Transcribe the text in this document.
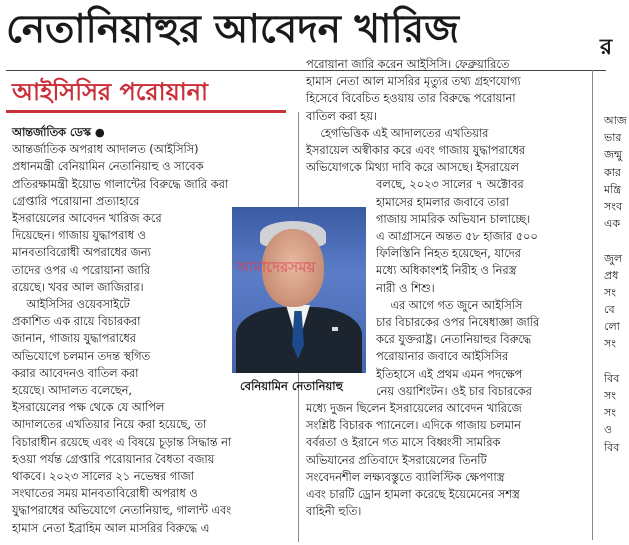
নেতানিয়াহুর আবেদন খারিজ	র
আইসিসির পরোয়ানা
আন্তর্জাতিক ডেস্ক ●
আন্তর্জাতিক অপরাধ আদালত (আইসিসি)
প্রধানমন্ত্রী বেনিয়ামিন নেতানিয়াহু ও সাবেক
প্রতিরক্ষামন্ত্রী ইয়োভ গালান্টের বিরুদ্ধে জারি করা
গ্রেপ্তারি পরোয়ানা প্রত্যাহারে
ইসরায়েলের আবেদন খারিজ করে
দিয়েছেন। গাজায় যুদ্ধাপরাধ ও
মানবতাবিরোধী অপরাধের জন্য
তাদের ওপর এ পরোয়ানা জারি
রয়েছে। খবর আল জাজিরার।
আইসিসির ওয়েবসাইটে
প্রকাশিত এক রায়ে বিচারকরা
জানান, গাজায় যুদ্ধাপরাধের
অভিযোগে চলমান তদন্ত স্থগিত
করার আবেদনও বাতিল করা
হয়েছে। আদালত বলেছেন,
ইসরায়েলের পক্ষ থেকে যে আপিল
আদালতের এখতিয়ার নিয়ে করা হয়েছে, তা
বিচারাধীন রয়েছে এবং এ বিষয়ে চূড়ান্ত সিদ্ধান্ত না
হওয়া পর্যন্ত গ্রেপ্তারি পরোয়ানার বৈধতা বজায়
থাকবে। ২০২৩ সালের ২১ নভেম্বর গাজা
সংঘাতের সময় মানবতাবিরোধী অপরাধ ও
যুদ্ধাপরাধের অভিযোগে নেতানিয়াহু, গালান্ট এবং
হামাস নেতা ইব্রাহিম আল মাসরির বিরুদ্ধে এ
পরোয়ানা জারি করেন আইসিসি। ফেব্রুয়ারিতে
হামাস নেতা আল মাসরির মৃত্যুর তথ্য গ্রহণযোগ্য
হিসেবে বিবেচিত হওয়ায় তার বিরুদ্ধে পরোয়ানা
বাতিল করা হয়।
হেগভিত্তিক এই আদালতের এখতিয়ার
ইসরায়েল অস্বীকার করে এবং গাজায় যুদ্ধাপরাধের
অভিযোগকে মিথ্যা দাবি করে আসছে। ইসরায়েল
বলছে, ২০২৩ সালের ৭ অক্টোবর
হামাসের হামলার জবাবে তারা
গাজায় সামরিক অভিযান চালাচ্ছে।
এ আগ্রাসনে অন্তত ৫৮ হাজার ৫০০
ফিলিস্তিনি নিহত হয়েছেন, যাদের
মধ্যে অধিকাংশই নিরীহ ও নিরস্ত্র
নারী ও শিশু।
এর আগে গত জুনে আইসিসি
চার বিচারকের ওপর নিষেধাজ্ঞা জারি
করে যুক্তরাষ্ট্র। নেতানিয়াহুর বিরুদ্ধে
পরোয়ানার জবাবে আইসিসির
ইতিহাসে এই প্রথম এমন পদক্ষেপ
নেয় ওয়াশিংটন। ওই চার বিচারকের
মধ্যে দুজন ছিলেন ইসরায়েলের আবেদন খারিজে
সংশ্লিষ্ট বিচারক প্যানেলে। এদিকে গাজায় চলমান
বর্বরতা ও ইরানে গত মাসে বিধ্বংসী সামরিক
অভিযানের প্রতিবাদে ইসরায়েলের তিনটি
সংবেদনশীল লক্ষ্যবস্তুতে ব্যালিস্টিক ক্ষেপণাস্ত্র
এবং চারটি ড্রোন হামলা করেছে ইয়েমেনের সশস্ত্র
বাহিনী হুতি।
আমাদেরসময়
বেনিয়ামিন নেতানিয়াহু
আজ
ভার
জন্মু
কার
মন্ত্রি
সংব
এক
জুল
প্রধ
সং
বে
লো
সং
বিব
সং
সং
ও
বিব
